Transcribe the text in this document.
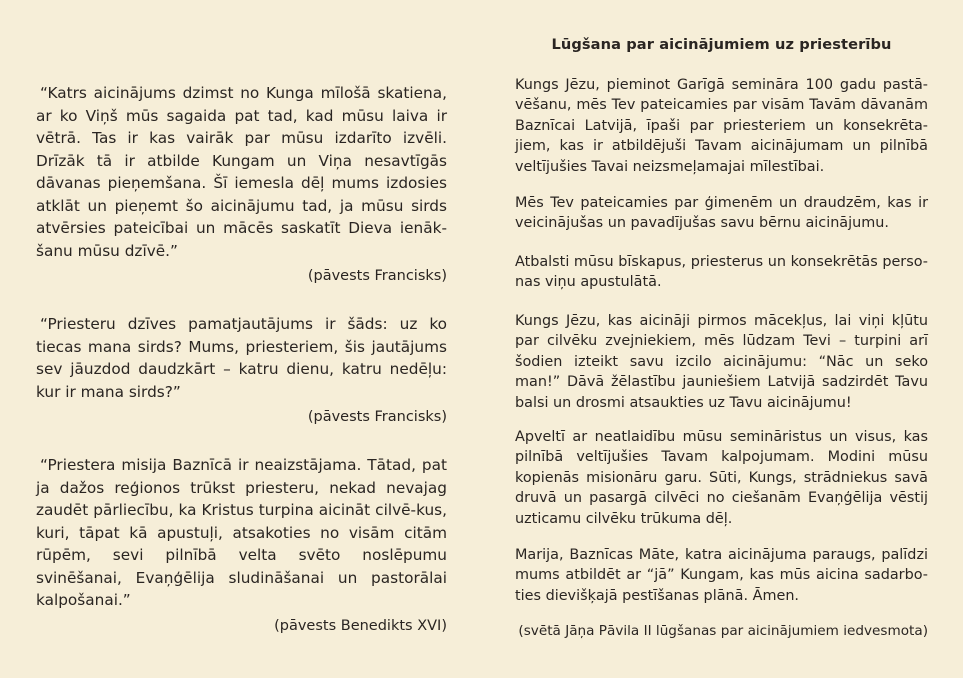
“Katrs aicinājums dzimst no Kunga mīlošā skatiena, ar ko Viņš mūs sagaida pat tad, kad mūsu laiva ir vētrā. Tas ir kas vairāk par mūsu izdarīto izvēli. Drīzāk tā ir atbilde Kungam un Viņa nesavtīgās dāvanas pieņemšana. Šī iemesla dēļ mums izdosies atklāt un pieņemt šo aicinājumu tad, ja mūsu sirds atvērsies pateicībai un mācēs saskatīt Dieva ienāk-šanu mūsu dzīvē.”
(pāvests Francisks)
“Priesteru dzīves pamatjautājums ir šāds: uz ko tiecas mana sirds? Mums, priesteriem, šis jautājums sev jāuzdod daudzkārt – katru dienu, katru nedēļu: kur ir mana sirds?”
(pāvests Francisks)
“Priestera misija Baznīcā ir neaizstājama. Tātad, pat ja dažos reģionos trūkst priesteru, nekad nevajag zaudēt pārliecību, ka Kristus turpina aicināt cilvē-kus, kuri, tāpat kā apustuļi, atsakoties no visām citām rūpēm, sevi pilnībā velta svēto noslēpumu svinēšanai, Evaņģēlija sludināšanai un pastorālai kalpošanai.”
(pāvests Benedikts XVI)
Lūgšana par aicinājumiem uz priesterību

Kungs Jēzu, pieminot Garīgā semināra 100 gadu pastā-vēšanu, mēs Tev pateicamies par visām Tavām dāvanām Baznīcai Latvijā, īpaši par priesteriem un konsekrēta-jiem, kas ir atbildējuši Tavam aicinājumam un pilnībā veltījušies Tavai neizsmeļamajai mīlestībai.

Mēs Tev pateicamies par ģimenēm un draudzēm, kas ir veicinājušas un pavadījušas savu bērnu aicinājumu.

Atbalsti mūsu bīskapus, priesterus un konsekrētās perso-nas viņu apustulātā.

Kungs Jēzu, kas aicināji pirmos mācekļus, lai viņi kļūtu par cilvēku zvejniekiem, mēs lūdzam Tevi – turpini arī šodien izteikt savu izcilo aicinājumu: “Nāc un seko man!” Dāvā žēlastību jauniešiem Latvijā sadzirdēt Tavu balsi un drosmi atsaukties uz Tavu aicinājumu!

Apveltī ar neatlaidību mūsu semināristus un visus, kas pilnībā veltījušies Tavam kalpojumam. Modini mūsu kopienās misionāru garu. Sūti, Kungs, strādniekus savā druvā un pasargā cilvēci no ciešanām Evaņģēlija vēstij uzticamu cilvēku trūkuma dēļ.

Marija, Baznīcas Māte, katra aicinājuma paraugs, palīdzi mums atbildēt ar “jā” Kungam, kas mūs aicina sadarbo-ties dievišķajā pestīšanas plānā. Āmen.

(svētā Jāņa Pāvila II lūgšanas par aicinājumiem iedvesmota)
